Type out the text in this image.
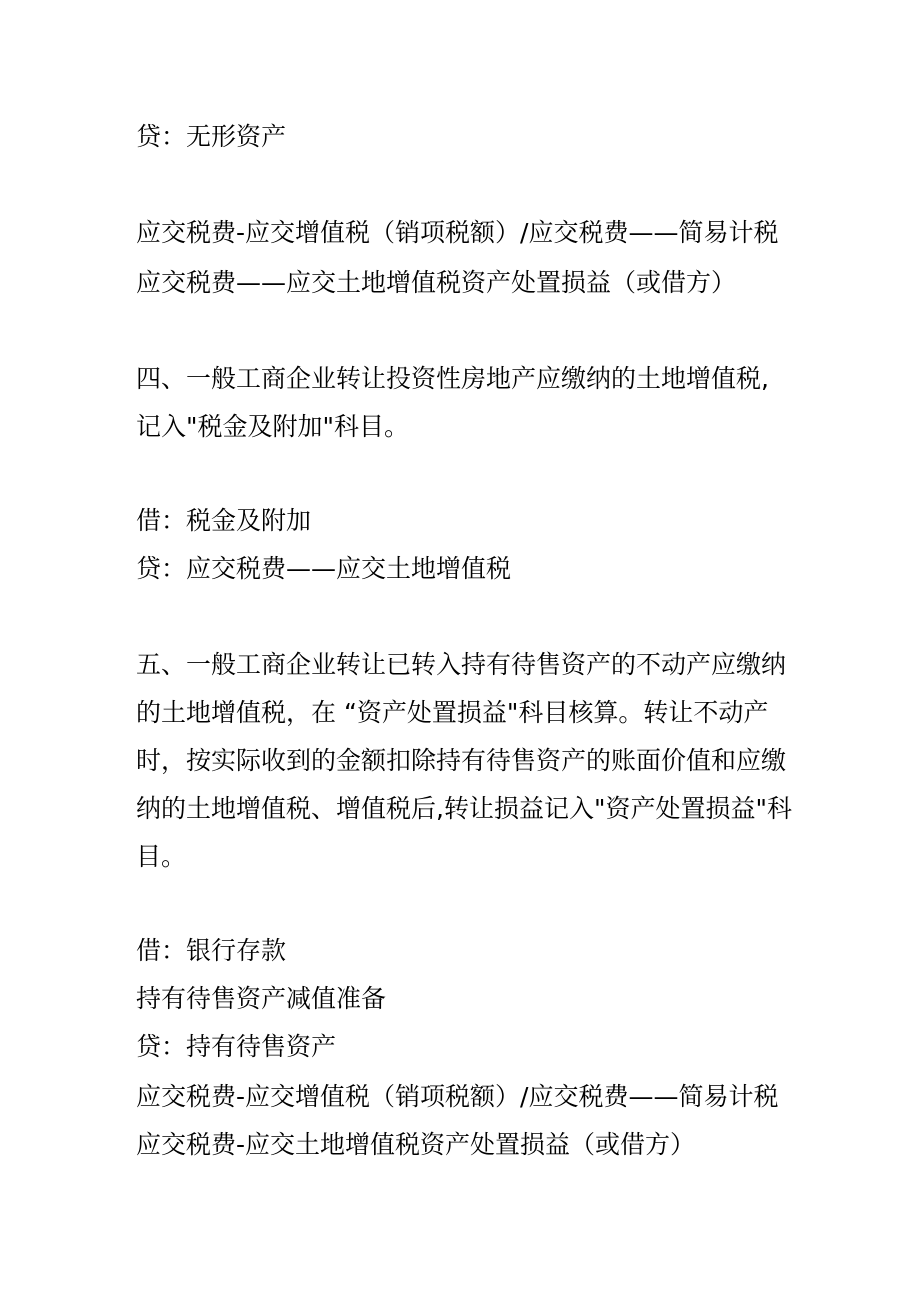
贷：无形资产
应交税费-应交增值税（销项税额）/应交税费——简易计税
应交税费——应交土地增值税资产处置损益（或借方）
四、一般工商企业转让投资性房地产应缴纳的土地增值税,
记入"税金及附加"科目。
借：税金及附加
贷：应交税费——应交土地增值税
五、一般工商企业转让已转入持有待售资产的不动产应缴纳
的土地增值税，在 “资产处置损益"科目核算。转让不动产
时，按实际收到的金额扣除持有待售资产的账面价值和应缴
纳的土地增值税、增值税后,转让损益记入"资产处置损益"科
目。
借：银行存款
持有待售资产减值准备
贷：持有待售资产
应交税费-应交增值税（销项税额）/应交税费——简易计税
应交税费-应交土地增值税资产处置损益（或借方）
